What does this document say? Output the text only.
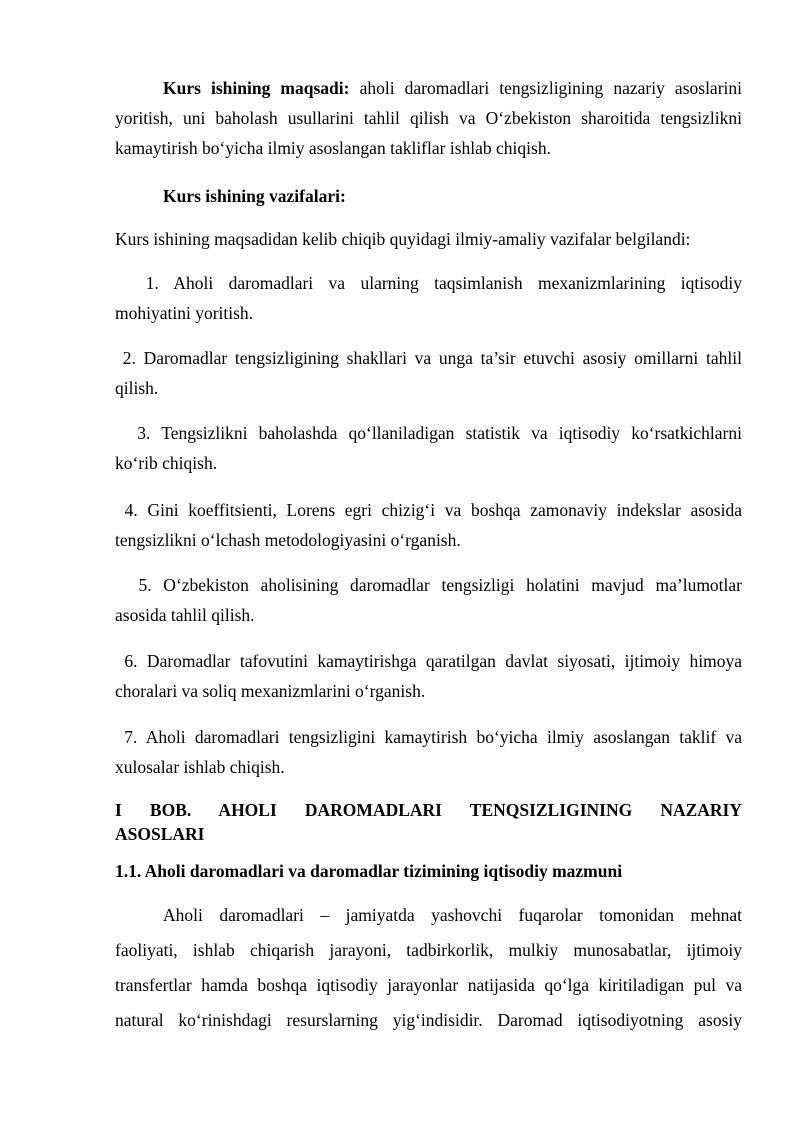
Kurs ishining maqsadi: aholi daromadlari tengsizligining nazariy asoslarini
yoritish, uni baholash usullarini tahlil qilish va O‘zbekiston sharoitida tengsizlikni
kamaytirish bo‘yicha ilmiy asoslangan takliflar ishlab chiqish.
Kurs ishining vazifalari:
Kurs ishining maqsadidan kelib chiqib quyidagi ilmiy-amaliy vazifalar belgilandi:
1. Aholi daromadlari va ularning taqsimlanish mexanizmlarining iqtisodiy
mohiyatini yoritish.
2. Daromadlar tengsizligining shakllari va unga ta’sir etuvchi asosiy omillarni tahlil
qilish.
3. Tengsizlikni baholashda qo‘llaniladigan statistik va iqtisodiy ko‘rsatkichlarni
ko‘rib chiqish.
4. Gini koeffitsienti, Lorens egri chizig‘i va boshqa zamonaviy indekslar asosida
tengsizlikni o‘lchash metodologiyasini o‘rganish.
5. O‘zbekiston aholisining daromadlar tengsizligi holatini mavjud ma’lumotlar
asosida tahlil qilish.
6. Daromadlar tafovutini kamaytirishga qaratilgan davlat siyosati, ijtimoiy himoya
choralari va soliq mexanizmlarini o‘rganish.
7. Aholi daromadlari tengsizligini kamaytirish bo‘yicha ilmiy asoslangan taklif va
xulosalar ishlab chiqish.
I BOB. AHOLI DAROMADLARI TENQSIZLIGINING NAZARIY
ASOSLARI
1.1. Aholi daromadlari va daromadlar tizimining iqtisodiy mazmuni
Aholi daromadlari – jamiyatda yashovchi fuqarolar tomonidan mehnat
faoliyati, ishlab chiqarish jarayoni, tadbirkorlik, mulkiy munosabatlar, ijtimoiy
transfertlar hamda boshqa iqtisodiy jarayonlar natijasida qo‘lga kiritiladigan pul va
natural ko‘rinishdagi resurslarning yig‘indisidir. Daromad iqtisodiyotning asosiy
